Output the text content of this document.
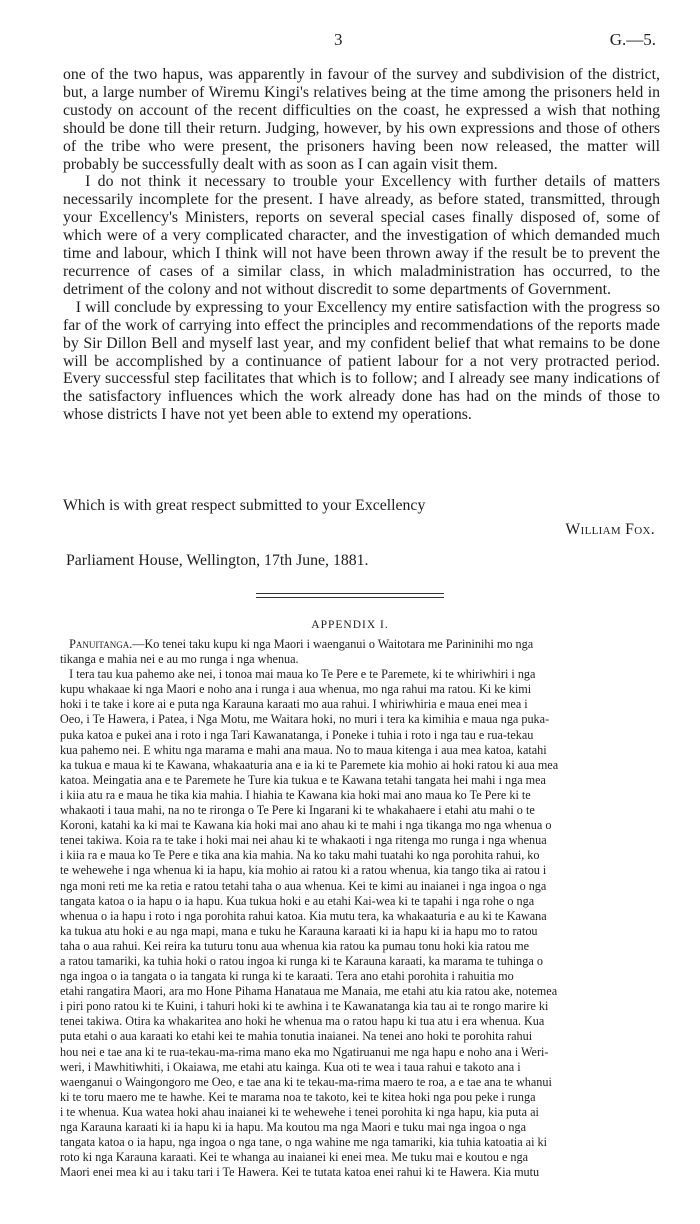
3	G.—5.

one of the two hapus, was apparently in favour of the survey and subdivision of the district, but, a large number of Wiremu Kingi's relatives being at the time among the prisoners held in custody on account of the recent difficulties on the coast, he expressed a wish that nothing should be done till their return. Judging, however, by his own expressions and those of others of the tribe who were present, the prisoners having been now released, the matter will probably be successfully dealt with as soon as I can again visit them.

I do not think it necessary to trouble your Excellency with further details of matters necessarily incomplete for the present. I have already, as before stated, transmitted, through your Excellency's Ministers, reports on several special cases finally disposed of, some of which were of a very complicated character, and the investigation of which demanded much time and labour, which I think will not have been thrown away if the result be to prevent the recurrence of cases of a similar class, in which maladministration has occurred, to the detriment of the colony and not without discredit to some departments of Government.

I will conclude by expressing to your Excellency my entire satisfaction with the progress so far of the work of carrying into effect the principles and recommendations of the reports made by Sir Dillon Bell and myself last year, and my confident belief that what remains to be done will be accomplished by a continuance of patient labour for a not very protracted period. Every successful step facilitates that which is to follow; and I already see many indications of the satisfactory influences which the work already done has had on the minds of those to whose districts I have not yet been able to extend my operations.

Which is with great respect submitted to your Excellency
William Fox.
Parliament House, Wellington, 17th June, 1881.
APPENDIX I.
Panuitanga.—Ko tenei taku kupu ki nga Maori i waenganui o Waitotara me Parininihi mo nga
tikanga e mahia nei e au mo runga i nga whenua.
I tera tau kua pahemo ake nei, i tonoa mai maua ko Te Pere e te Paremete, ki te whiriwhiri i nga
kupu whakaae ki nga Maori e noho ana i runga i aua whenua, mo nga rahui ma ratou. Ki ke kimi
hoki i te take i kore ai e puta nga Karauna karaati mo aua rahui. I whiriwhiria e maua enei mea i
Oeo, i Te Hawera, i Patea, i Nga Motu, me Waitara hoki, no muri i tera ka kimihia e maua nga puka-
puka katoa e pukei ana i roto i nga Tari Kawanatanga, i Poneke i tuhia i roto i nga tau e rua-tekau
kua pahemo nei. E whitu nga marama e mahi ana maua. No to maua kitenga i aua mea katoa, katahi
ka tukua e maua ki te Kawana, whakaaturia ana e ia ki te Paremete kia mohio ai hoki ratou ki aua mea
katoa. Meingatia ana e te Paremete he Ture kia tukua e te Kawana tetahi tangata hei mahi i nga mea
i kiia atu ra e maua he tika kia mahia. I hiahia te Kawana kia hoki mai ano maua ko Te Pere ki te
whakaoti i taua mahi, na no te rironga o Te Pere ki Ingarani ki te whakahaere i etahi atu mahi o te
Koroni, katahi ka ki mai te Kawana kia hoki mai ano ahau ki te mahi i nga tikanga mo nga whenua o
tenei takiwa. Koia ra te take i hoki mai nei ahau ki te whakaoti i nga ritenga mo runga i nga whenua
i kiia ra e maua ko Te Pere e tika ana kia mahia. Na ko taku mahi tuatahi ko nga porohita rahui, ko
te wehewehe i nga whenua ki ia hapu, kia mohio ai ratou ki a ratou whenua, kia tango tika ai ratou i
nga moni reti me ka retia e ratou tetahi taha o aua whenua. Kei te kimi au inaianei i nga ingoa o nga
tangata katoa o ia hapu o ia hapu. Kua tukua hoki e au etahi Kai-wea ki te tapahi i nga rohe o nga
whenua o ia hapu i roto i nga porohita rahui katoa. Kia mutu tera, ka whakaaturia e au ki te Kawana
ka tukua atu hoki e au nga mapi, mana e tuku he Karauna karaati ki ia hapu ki ia hapu mo to ratou
taha o aua rahui. Kei reira ka tuturu tonu aua whenua kia ratou ka pumau tonu hoki kia ratou me
a ratou tamariki, ka tuhia hoki o ratou ingoa ki runga ki te Karauna karaati, ka marama te tuhinga o
nga ingoa o ia tangata o ia tangata ki runga ki te karaati. Tera ano etahi porohita i rahuitia mo
etahi rangatira Maori, ara mo Hone Pihama Hanataua me Manaia, me etahi atu kia ratou ake, notemea
i piri pono ratou ki te Kuini, i tahuri hoki ki te awhina i te Kawanatanga kia tau ai te rongo marire ki
tenei takiwa. Otira ka whakaritea ano hoki he whenua ma o ratou hapu ki tua atu i era whenua. Kua
puta etahi o aua karaati ko etahi kei te mahia tonutia inaianei. Na tenei ano hoki te porohita rahui
hou nei e tae ana ki te rua-tekau-ma-rima mano eka mo Ngatiruanui me nga hapu e noho ana i Weri-
weri, i Mawhitiwhiti, i Okaiawa, me etahi atu kainga. Kua oti te wea i taua rahui e takoto ana i
waenganui o Waingongoro me Oeo, e tae ana ki te tekau-ma-rima maero te roa, a e tae ana te whanui
ki te toru maero me te hawhe. Kei te marama noa te takoto, kei te kitea hoki nga pou peke i runga
i te whenua. Kua watea hoki ahau inaianei ki te wehewehe i tenei porohita ki nga hapu, kia puta ai
nga Karauna karaati ki ia hapu ki ia hapu. Ma koutou ma nga Maori e tuku mai nga ingoa o nga
tangata katoa o ia hapu, nga ingoa o nga tane, o nga wahine me nga tamariki, kia tuhia katoatia ai ki
roto ki nga Karauna karaati. Kei te whanga au inaianei ki enei mea. Me tuku mai e koutou e nga
Maori enei mea ki au i taku tari i Te Hawera. Kei te tutata katoa enei rahui ki te Hawera. Kia mutu
